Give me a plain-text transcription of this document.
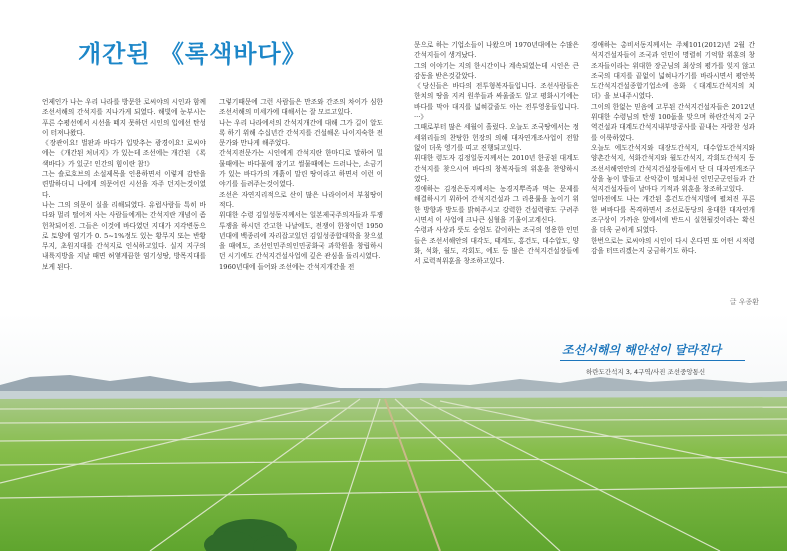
개간된 《록색바다》

언제인가 나는 우리 나라를 방문한 로씨야의 시인과 함께 조선서해의 간석지를 지나가게 되였다. 해빛에 눈부시는 푸른 수평선에서 시선을 떼지 못하던 시인의 입에선 탄성이 터져나왔다.

《장관이요! 벌판과 바다가 입맞추는 광경이요! 로씨야에는 《개간된 처녀지》가 있는데 조선에는 개간된 《록색바다》가 있군! 인간의 힘이란 참!》

그는 숄로호브의 소설제목을 인용하면서 이렇게 감탄을 련발하더니 나에게 의문어린 시선을 자주 던지는것이였다.

나는 그의 의문이 실을 리해되였다. 유럽사람들 특히 바다와 멀리 떨어져 사는 사람들에게는 간석지란 개념이 좀 헌착되어진. 그들은 이것에 바다였던 지대가 지각변동으로 토양에 염기가 0. 5~1%정도 있는 황무지 또는 반황무지, 초원지대를 간석지로 인식하고있다. 실지 지구의 내륙지방을 지날 때면 허옇게끔한 염기성땅, 방목지대를 보게 된다.

그렇기때문에 그런 사람들은 만조와 간조의 차이가 심한 조선서해의 미세가에 대해서는 잘 모르고있다.

나는 우리 나라에서의 간석지개간에 대해 그가 길이 알도록 하기 위해 수십년간 간석지를 건설해온 나이지숙한 전문가와 만나게 해주었다.

간석지전문가는 시인에게 간석지란 한마디로 말하여 밀물때에는 바다물에 잠기고 썰물때에는 드러나는, 소금기가 있는 바다가의 개흙이 말린 땅이라고 하면서 이런 이야기를 들려주는것이였다.

조선은 자연지리적으로 산이 많은 나라이어서 부침땅이 적다.

위대한 수령 김일성동지께서는 일본제국주의자들과 투쟁투쟁을 하시던 간고한 나날에도, 전쟁이 한창이던 1950년대에 백종리에 자리잡고있던 김일성종합대학을 찾으셨을 때에도, 조선인민주의인민공화국 과학원을 창립하시던 시기에도 간석지건설사업에 깊은 관심을 돌리시였다.

1960년대에 들어와 조선에는 간석지개간을 전

문으로 하는 기업소들이 나왔으며 1970년대에는 수많은 간석지들이 생겨났다.

그의 이야기는 지의 한시간이나 계속되였는데 시인은 큰 감동을 받은것같았다.

《당신들은 바다의 전투형복자들입니다. 조선사람들은 한치의 땅을 지켜 원쑤들과 싸울줄도 알고 평화시기에는 바다를 막아 대지를 넓혀갈줄도 아는 전투영웅들입니다. ···》

그때로부터 많은 세월이 흘렀다. 오늘도 조국땅에서는 정세위리들의 찬탕한 헌장의 의해 대자연개조사업이 전할없이 더욱 영기를 띠고 진행되고있다.

위대한 령도자 김정일동지께서는 2010년 한공된 대계도간석지를 찾으시여 바다의 창복자들의 위훈을 찬양하시였다.

경애하는 김정은동지께서는 농경지뿌족과 먹는 문제를 해결하시기 위하여 간석지건설과 그 리용률을 높이기 위한 방향과 방도를 밝혀주시고 강력한 건설력량도 구려주시면서 이 사업에 크나큰 심혈을 기울이고계신다.

수령과 사상과 뜻도 숭엄도 같이하는 조국의 영용한 인민들은 조선서해안의 대각도, 태계도, 홍건도, 대수압도, 양화, 석화, 월도, 각회도, 에도 등 많은 간석지건설장들에서 로력적위훈을 창조하고있다.

경애하는 총비서동지께서는 주체101(2012)년 2월 간석지건설자들이 조국과 인민이 명렬히 기억할 위훈의 창조자들이라는 위대한 장군님의 최상의 평가를 잊지 않고 조국의 대지를 끝없이 넓혀나가기를 바라시면서 평안북도간석지건설종합기업소에 응화 《대계도간석지의 치더》을 보내주시였다.

그이의 한없는 믿음에 고무된 간석지건설자들은 2012년 위대한 수령님의 탄생 100돐을 맞으며 하란간석지 2구역건설과 대계도간석지내부망공사를 끝내는 자랑찬 성과를 이룩하였다.

오늘도 에도간석지와 대장도간석지, 대수압도간석지와 양촌간석지, 석화간석지와 월도간석지, 각회도간석지 등 조선서해연안의 간석지건설장들에서 단 더 대자연개조구상을 놓이 발들고 산악같이 떨쳐나선 인민군군인들과 간석지건설자들이 날마다 기적과 위훈을 창조하고있다.

얼마전에도 나는 개간된 홍건도간석지벌에 펼쳐진 푸른한 벼바다를 목격하면서 조선로동당의 웅대한 대자연개조구상이 가까운 앞에서에 반드시 실현될것이라는 확신을 더욱 굳히게 되였다.

한번으로는 로씨야의 시인이 다시 온다면 또 어떤 시적령감을 터뜨리겠는지 궁금하기도 하다.

글 우종환
조선서해의 해안선이 달라진다
하란도간석지 3, 4구역/사진 조선중앙통신
